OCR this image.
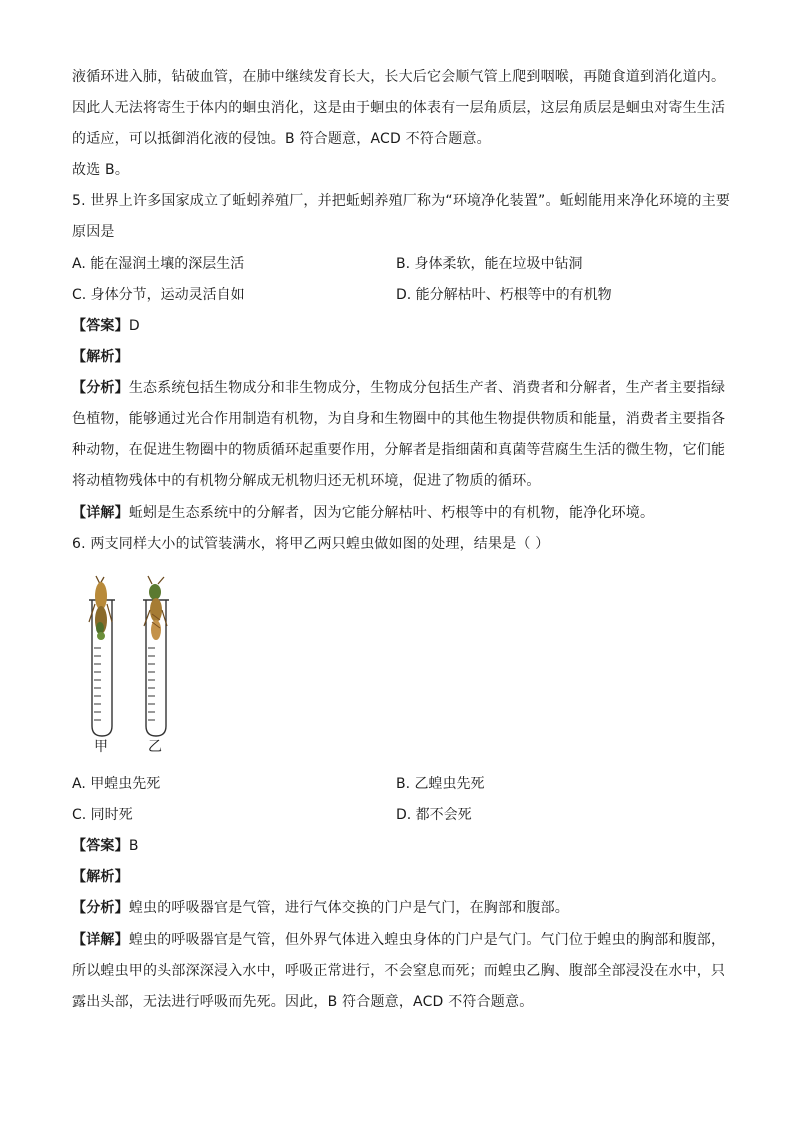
液循环进入肺，钻破血管，在肺中继续发育长大，长大后它会顺气管上爬到咽喉，再随食道到消化道内。
因此人无法将寄生于体内的蛔虫消化，这是由于蛔虫的体表有一层角质层，这层角质层是蛔虫对寄生生活
的适应，可以抵御消化液的侵蚀。B 符合题意，ACD 不符合题意。
故选 B。
5. 世界上许多国家成立了蚯蚓养殖厂，并把蚯蚓养殖厂称为“环境净化装置”。蚯蚓能用来净化环境的主要
原因是
A. 能在湿润土壤的深层生活	B. 身体柔软，能在垃圾中钻洞
C. 身体分节，运动灵活自如	D. 能分解枯叶、朽根等中的有机物
【答案】D
【解析】
【分析】生态系统包括生物成分和非生物成分，生物成分包括生产者、消费者和分解者，生产者主要指绿
色植物，能够通过光合作用制造有机物，为自身和生物圈中的其他生物提供物质和能量，消费者主要指各
种动物，在促进生物圈中的物质循环起重要作用，分解者是指细菌和真菌等营腐生生活的微生物，它们能
将动植物残体中的有机物分解成无机物归还无机环境，促进了物质的循环。
【详解】蚯蚓是生态系统中的分解者，因为它能分解枯叶、朽根等中的有机物，能净化环境。
6. 两支同样大小的试管装满水，将甲乙两只蝗虫做如图的处理，结果是（ ）
甲	乙
A. 甲蝗虫先死	B. 乙蝗虫先死
C. 同时死	D. 都不会死
【答案】B
【解析】
【分析】蝗虫的呼吸器官是气管，进行气体交换的门户是气门，在胸部和腹部。
【详解】蝗虫的呼吸器官是气管，但外界气体进入蝗虫身体的门户是气门。气门位于蝗虫的胸部和腹部，
所以蝗虫甲的头部深深浸入水中，呼吸正常进行，不会窒息而死；而蝗虫乙胸、腹部全部浸没在水中，只
露出头部，无法进行呼吸而先死。因此，B 符合题意，ACD 不符合题意。
